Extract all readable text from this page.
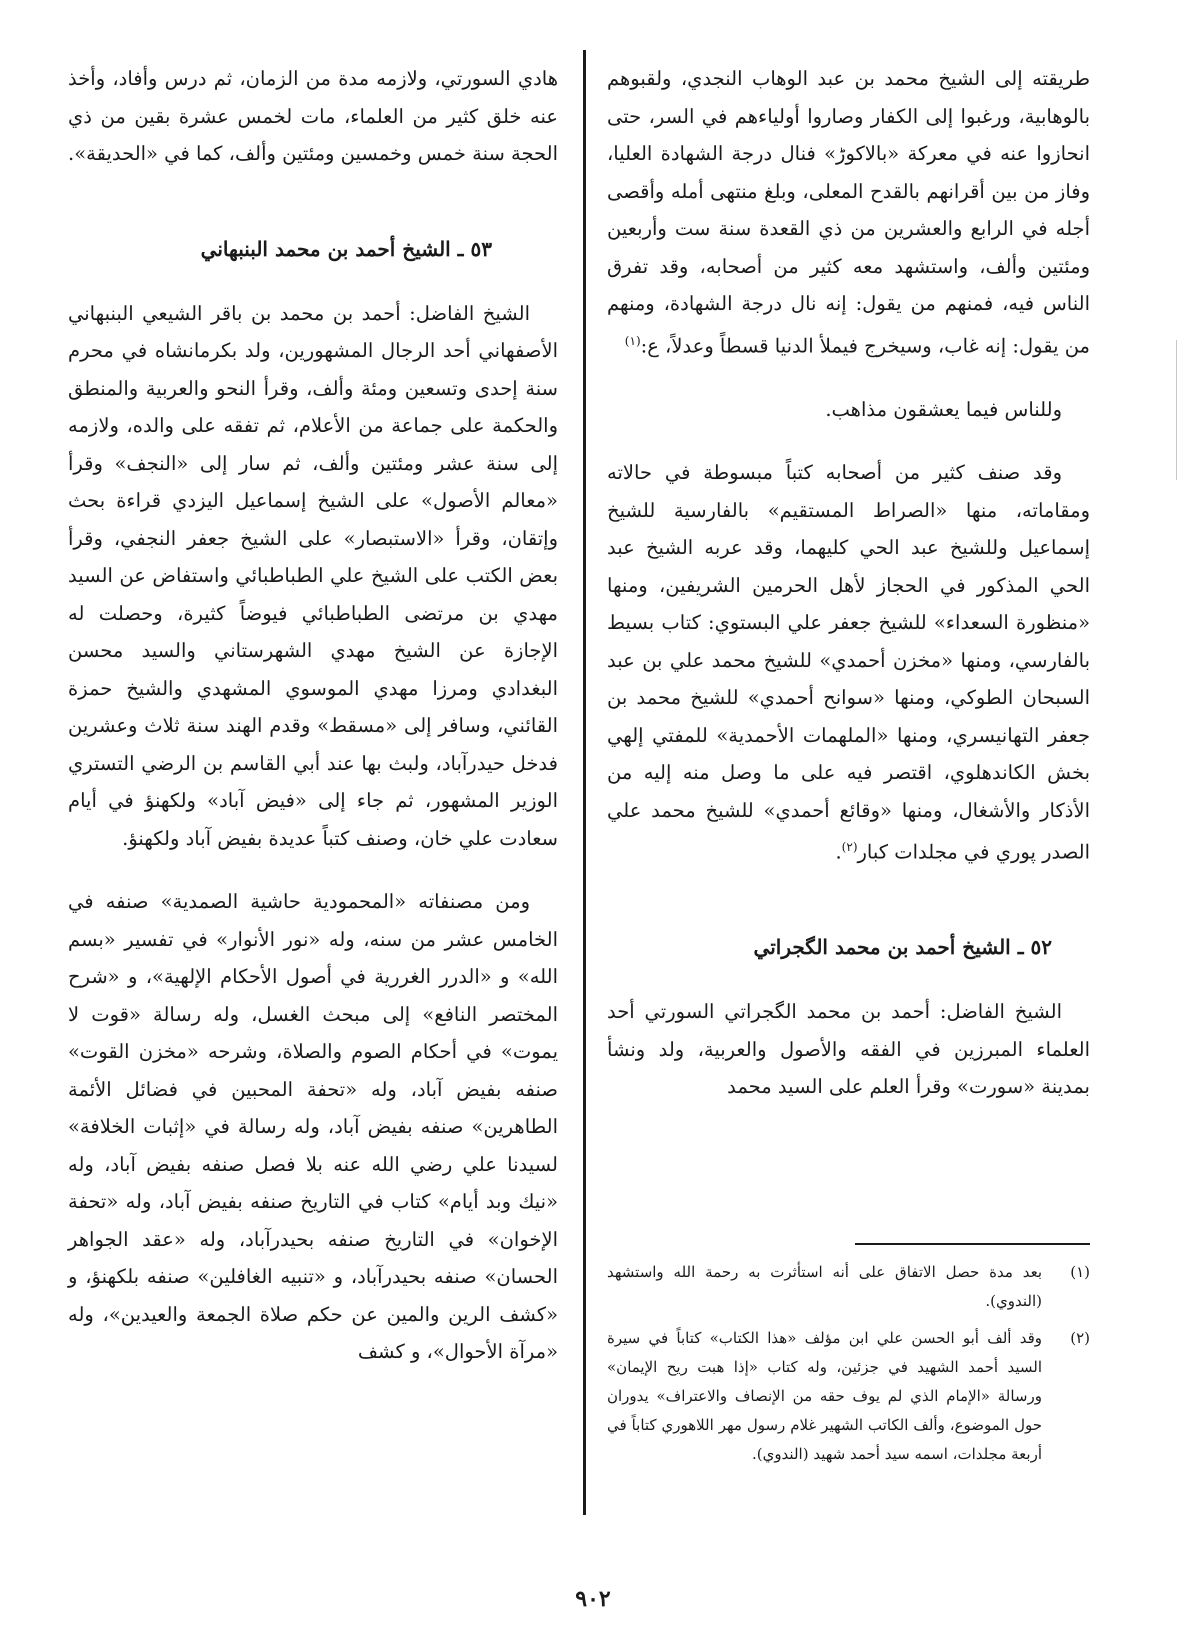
طريقته إلى الشيخ محمد بن عبد الوهاب النجدي، ولقبوهم بالوهابية، ورغبوا إلى الكفار وصاروا أولياءهم في السر، حتى انحازوا عنه في معركة «بالاكوڑ» فنال درجة الشهادة العليا، وفاز من بين أقرانهم بالقدح المعلى، وبلغ منتهى أمله وأقصى أجله في الرابع والعشرين من ذي القعدة سنة ست وأربعين ومئتين وألف، واستشهد معه كثير من أصحابه، وقد تفرق الناس فيه، فمنهم من يقول: إنه نال درجة الشهادة، ومنهم من يقول: إنه غاب، وسيخرج فيملأ الدنيا قسطاً وعدلاً، ع:$^{(١)}$

وللناس فيما يعشقون مذاهب.

وقد صنف كثير من أصحابه كتباً مبسوطة في حالاته ومقاماته، منها «الصراط المستقيم» بالفارسية للشيخ إسماعيل وللشيخ عبد الحي كليهما، وقد عربه الشيخ عبد الحي المذكور في الحجاز لأهل الحرمين الشريفين، ومنها «منظورة السعداء» للشيخ جعفر علي البستوي: كتاب بسيط بالفارسي، ومنها «مخزن أحمدي» للشيخ محمد علي بن عبد السبحان الطوكي، ومنها «سوانح أحمدي» للشيخ محمد بن جعفر التهانيسري، ومنها «الملهمات الأحمدية» للمفتي إلهي بخش الكاندهلوي، اقتصر فيه على ما وصل منه إليه من الأذكار والأشغال، ومنها «وقائع أحمدي» للشيخ محمد علي الصدر پوري في مجلدات كبار$^{(٢)}$.

٥٢ ـ الشيخ أحمد بن محمد الگجراتي

الشيخ الفاضل: أحمد بن محمد الگجراتي السورتي أحد العلماء المبرزين في الفقه والأصول والعربية، ولد ونشأ بمدينة «سورت» وقرأ العلم على السيد محمد

هادي السورتي، ولازمه مدة من الزمان، ثم درس وأفاد، وأخذ عنه خلق كثير من العلماء، مات لخمس عشرة بقين من ذي الحجة سنة خمس وخمسين ومئتين وألف، كما في «الحديقة».

٥٣ ـ الشيخ أحمد بن محمد البنبهاني

الشيخ الفاضل: أحمد بن محمد بن باقر الشيعي البنبهاني الأصفهاني أحد الرجال المشهورين، ولد بكرمانشاه في محرم سنة إحدى وتسعين ومئة وألف، وقرأ النحو والعربية والمنطق والحكمة على جماعة من الأعلام، ثم تفقه على والده، ولازمه إلى سنة عشر ومئتين وألف، ثم سار إلى «النجف» وقرأ «معالم الأصول» على الشيخ إسماعيل اليزدي قراءة بحث وإتقان، وقرأ «الاستبصار» على الشيخ جعفر النجفي، وقرأ بعض الكتب على الشيخ علي الطباطبائي واستفاض عن السيد مهدي بن مرتضى الطباطبائي فيوضاً كثيرة، وحصلت له الإجازة عن الشيخ مهدي الشهرستاني والسيد محسن البغدادي ومرزا مهدي الموسوي المشهدي والشيخ حمزة القائني، وسافر إلى «مسقط» وقدم الهند سنة ثلاث وعشرين فدخل حيدرآباد، ولبث بها عند أبي القاسم بن الرضي التستري الوزير المشهور، ثم جاء إلى «فيض آباد» ولكهنؤ في أيام سعادت علي خان، وصنف كتباً عديدة بفيض آباد ولكهنؤ.

ومن مصنفاته «المحمودية حاشية الصمدية» صنفه في الخامس عشر من سنه، وله «نور الأنوار» في تفسير «بسم الله» و «الدرر الغررية في أصول الأحكام الإلهية»، و «شرح المختصر النافع» إلى مبحث الغسل، وله رسالة «قوت لا يموت» في أحكام الصوم والصلاة، وشرحه «مخزن القوت» صنفه بفيض آباد، وله «تحفة المحبين في فضائل الأئمة الطاهرين» صنفه بفيض آباد، وله رسالة في «إثبات الخلافة» لسيدنا علي رضي الله عنه بلا فصل صنفه بفيض آباد، وله «نيك وبد أيام» كتاب في التاريخ صنفه بفيض آباد، وله «تحفة الإخوان» في التاريخ صنفه بحيدرآباد، وله «عقد الجواهر الحسان» صنفه بحيدرآباد، و «تنبيه الغافلين» صنفه بلكهنؤ، و «كشف الرين والمين عن حكم صلاة الجمعة والعيدين»، وله «مرآة الأحوال»، و كشف

(١)
بعد مدة حصل الاتفاق على أنه استأثرت به رحمة الله واستشهد (الندوي).
(٢)
وقد ألف أبو الحسن علي ابن مؤلف «هذا الكتاب» كتاباً في سيرة السيد أحمد الشهيد في جزئين، وله كتاب «إذا هبت ريح الإيمان» ورسالة «الإمام الذي لم يوف حقه من الإنصاف والاعتراف» يدوران حول الموضوع، وألف الكاتب الشهير غلام رسول مهر اللاهوري كتاباً في أربعة مجلدات، اسمه سيد أحمد شهيد (الندوي).
٩٠٢
